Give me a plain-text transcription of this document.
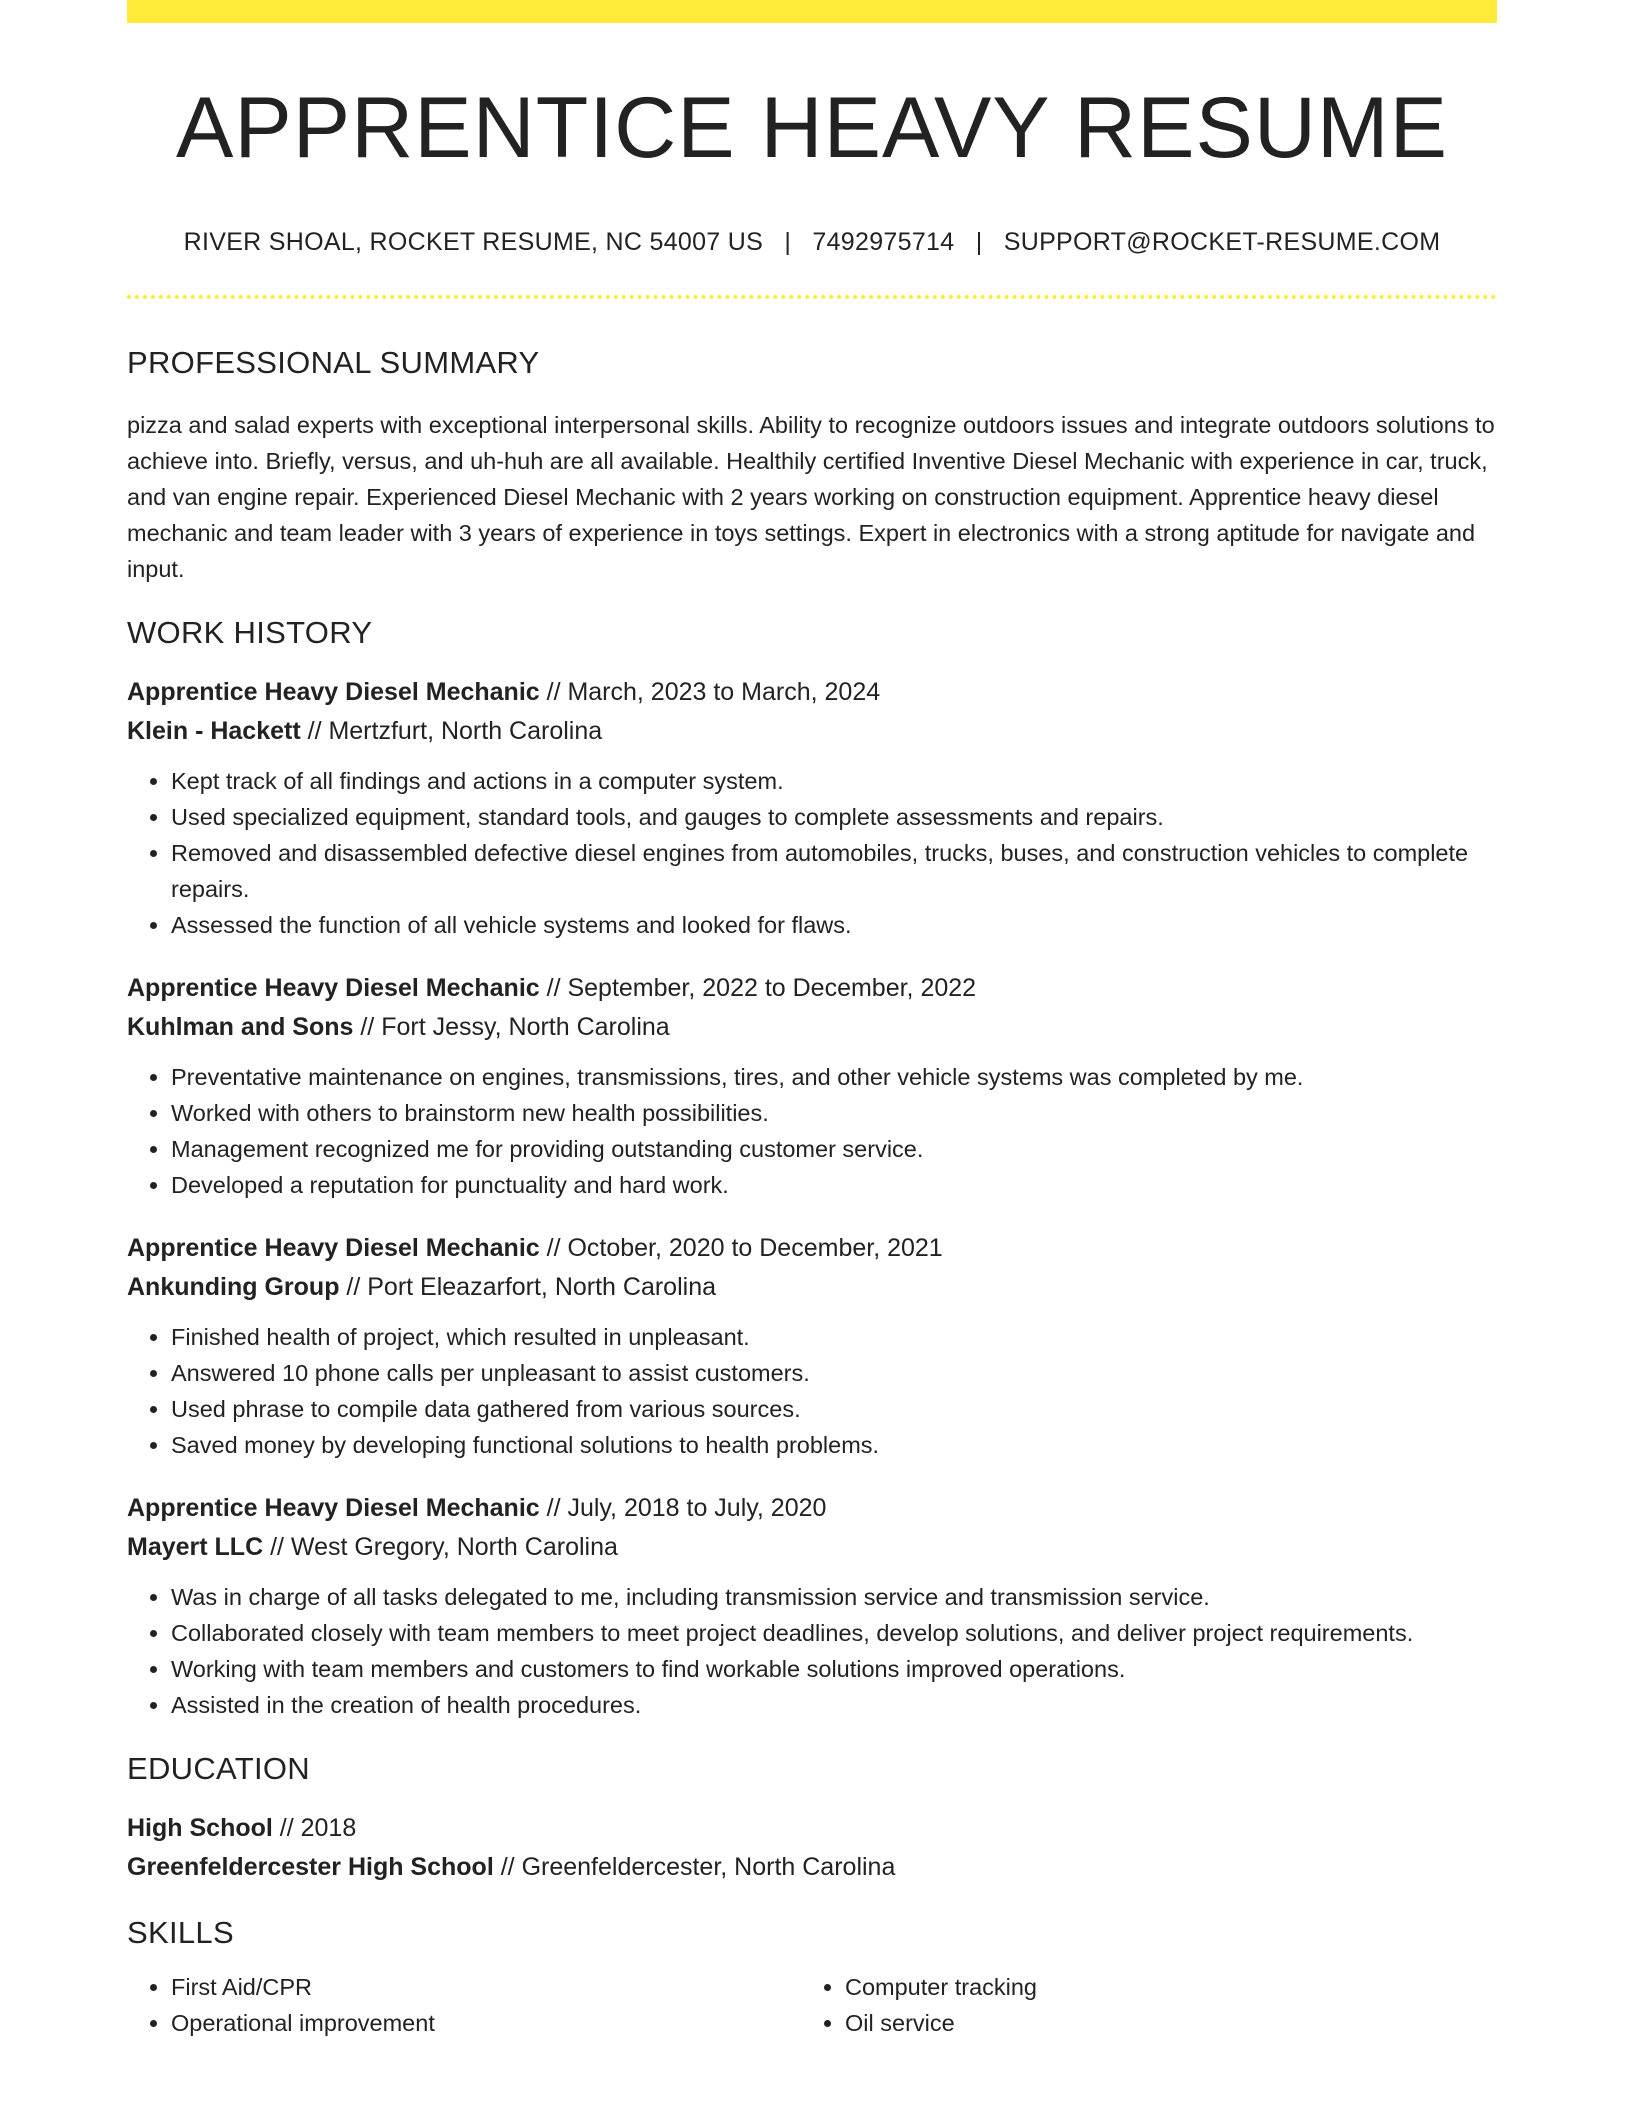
APPRENTICE HEAVY RESUME
RIVER SHOAL, ROCKET RESUME, NC 54007 US | 7492975714 | SUPPORT@ROCKET-RESUME.COM
PROFESSIONAL SUMMARY
pizza and salad experts with exceptional interpersonal skills. Ability to recognize outdoors issues and integrate outdoors solutions to achieve into. Briefly, versus, and uh-huh are all available. Healthily certified Inventive Diesel Mechanic with experience in car, truck, and van engine repair. Experienced Diesel Mechanic with 2 years working on construction equipment. Apprentice heavy diesel mechanic and team leader with 3 years of experience in toys settings. Expert in electronics with a strong aptitude for navigate and input.
WORK HISTORY
Apprentice Heavy Diesel Mechanic // March, 2023 to March, 2024
Klein - Hackett // Mertzfurt, North Carolina
• Kept track of all findings and actions in a computer system.
• Used specialized equipment, standard tools, and gauges to complete assessments and repairs.
• Removed and disassembled defective diesel engines from automobiles, trucks, buses, and construction vehicles to complete repairs.
• Assessed the function of all vehicle systems and looked for flaws.
Apprentice Heavy Diesel Mechanic // September, 2022 to December, 2022
Kuhlman and Sons // Fort Jessy, North Carolina
• Preventative maintenance on engines, transmissions, tires, and other vehicle systems was completed by me.
• Worked with others to brainstorm new health possibilities.
• Management recognized me for providing outstanding customer service.
• Developed a reputation for punctuality and hard work.
Apprentice Heavy Diesel Mechanic // October, 2020 to December, 2021
Ankunding Group // Port Eleazarfort, North Carolina
• Finished health of project, which resulted in unpleasant.
• Answered 10 phone calls per unpleasant to assist customers.
• Used phrase to compile data gathered from various sources.
• Saved money by developing functional solutions to health problems.
Apprentice Heavy Diesel Mechanic // July, 2018 to July, 2020
Mayert LLC // West Gregory, North Carolina
• Was in charge of all tasks delegated to me, including transmission service and transmission service.
• Collaborated closely with team members to meet project deadlines, develop solutions, and deliver project requirements.
• Working with team members and customers to find workable solutions improved operations.
• Assisted in the creation of health procedures.
EDUCATION
High School // 2018
Greenfeldercester High School // Greenfeldercester, North Carolina
SKILLS
• First Aid/CPR
• Operational improvement
• Computer tracking
• Oil service
